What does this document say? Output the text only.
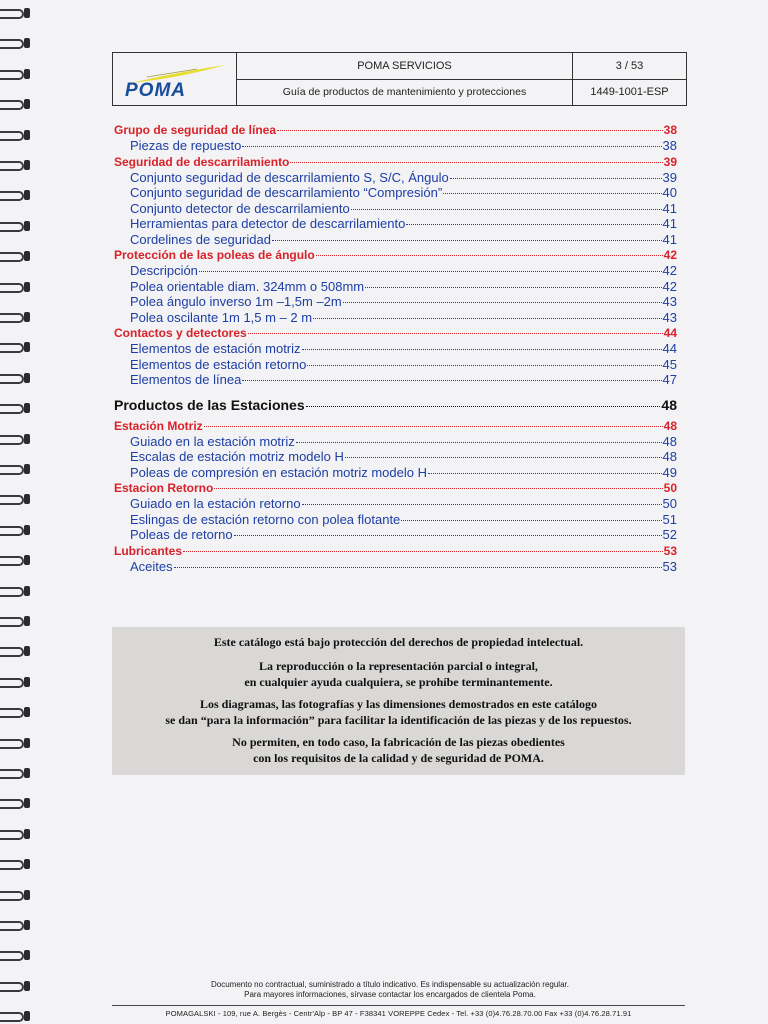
POMA
POMA SERVICIOS
Guía de productos de mantenimiento y protecciones
3 / 53
1449-1001-ESP
Grupo de seguridad de línea	38
Piezas de repuesto	38
Seguridad de descarrilamiento	39
Conjunto seguridad de descarrilamiento S, S/C, Ángulo	39
Conjunto seguridad de descarrilamiento “Compresión”	40
Conjunto detector de descarrilamiento	41
Herramientas para detector de descarrilamiento	41
Cordelines de seguridad	41
Protección de las poleas de ángulo	42
Descripción	42
Polea orientable diam. 324mm o 508mm	42
Polea ángulo inverso 1m –1,5m –2m	43
Polea oscilante 1m 1,5 m – 2 m	43
Contactos y detectores	44
Elementos de estación motriz	44
Elementos de estación retorno	45
Elementos de línea	47
Productos de las Estaciones	48
Estación Motriz	48
Guiado en la estación motriz	48
Escalas de estación motriz modelo H	48
Poleas de compresión en estación motriz modelo H	49
Estacion Retorno	50
Guiado en la estación retorno	50
Eslingas de estación retorno con polea flotante	51
Poleas de retorno	52
Lubricantes	53
Aceites	53

Este catálogo está bajo protección del derechos de propiedad intelectual.

La reproducción o la representación parcial o integral,

en cualquier ayuda cualquiera, se prohíbe terminantemente.

Los diagramas, las fotografías y las dimensiones demostrados en este catálogo

se dan “para la información” para facilitar la identificación de las piezas y de los repuestos.

No permiten, en todo caso, la fabricación de las piezas obedientes

con los requisitos de la calidad y de seguridad de POMA.

Documento no contractual, suministrado a título indicativo. Es indispensable su actualización regular.
Para mayores informaciones, sírvase contactar los encargados de clientela Poma.
POMAGALSKI - 109, rue A. Bergès - Centr'Alp - BP 47 - F38341 VOREPPE Cedex - Tel. +33 (0)4.76.28.70.00 Fax +33 (0)4.76.28.71.91
